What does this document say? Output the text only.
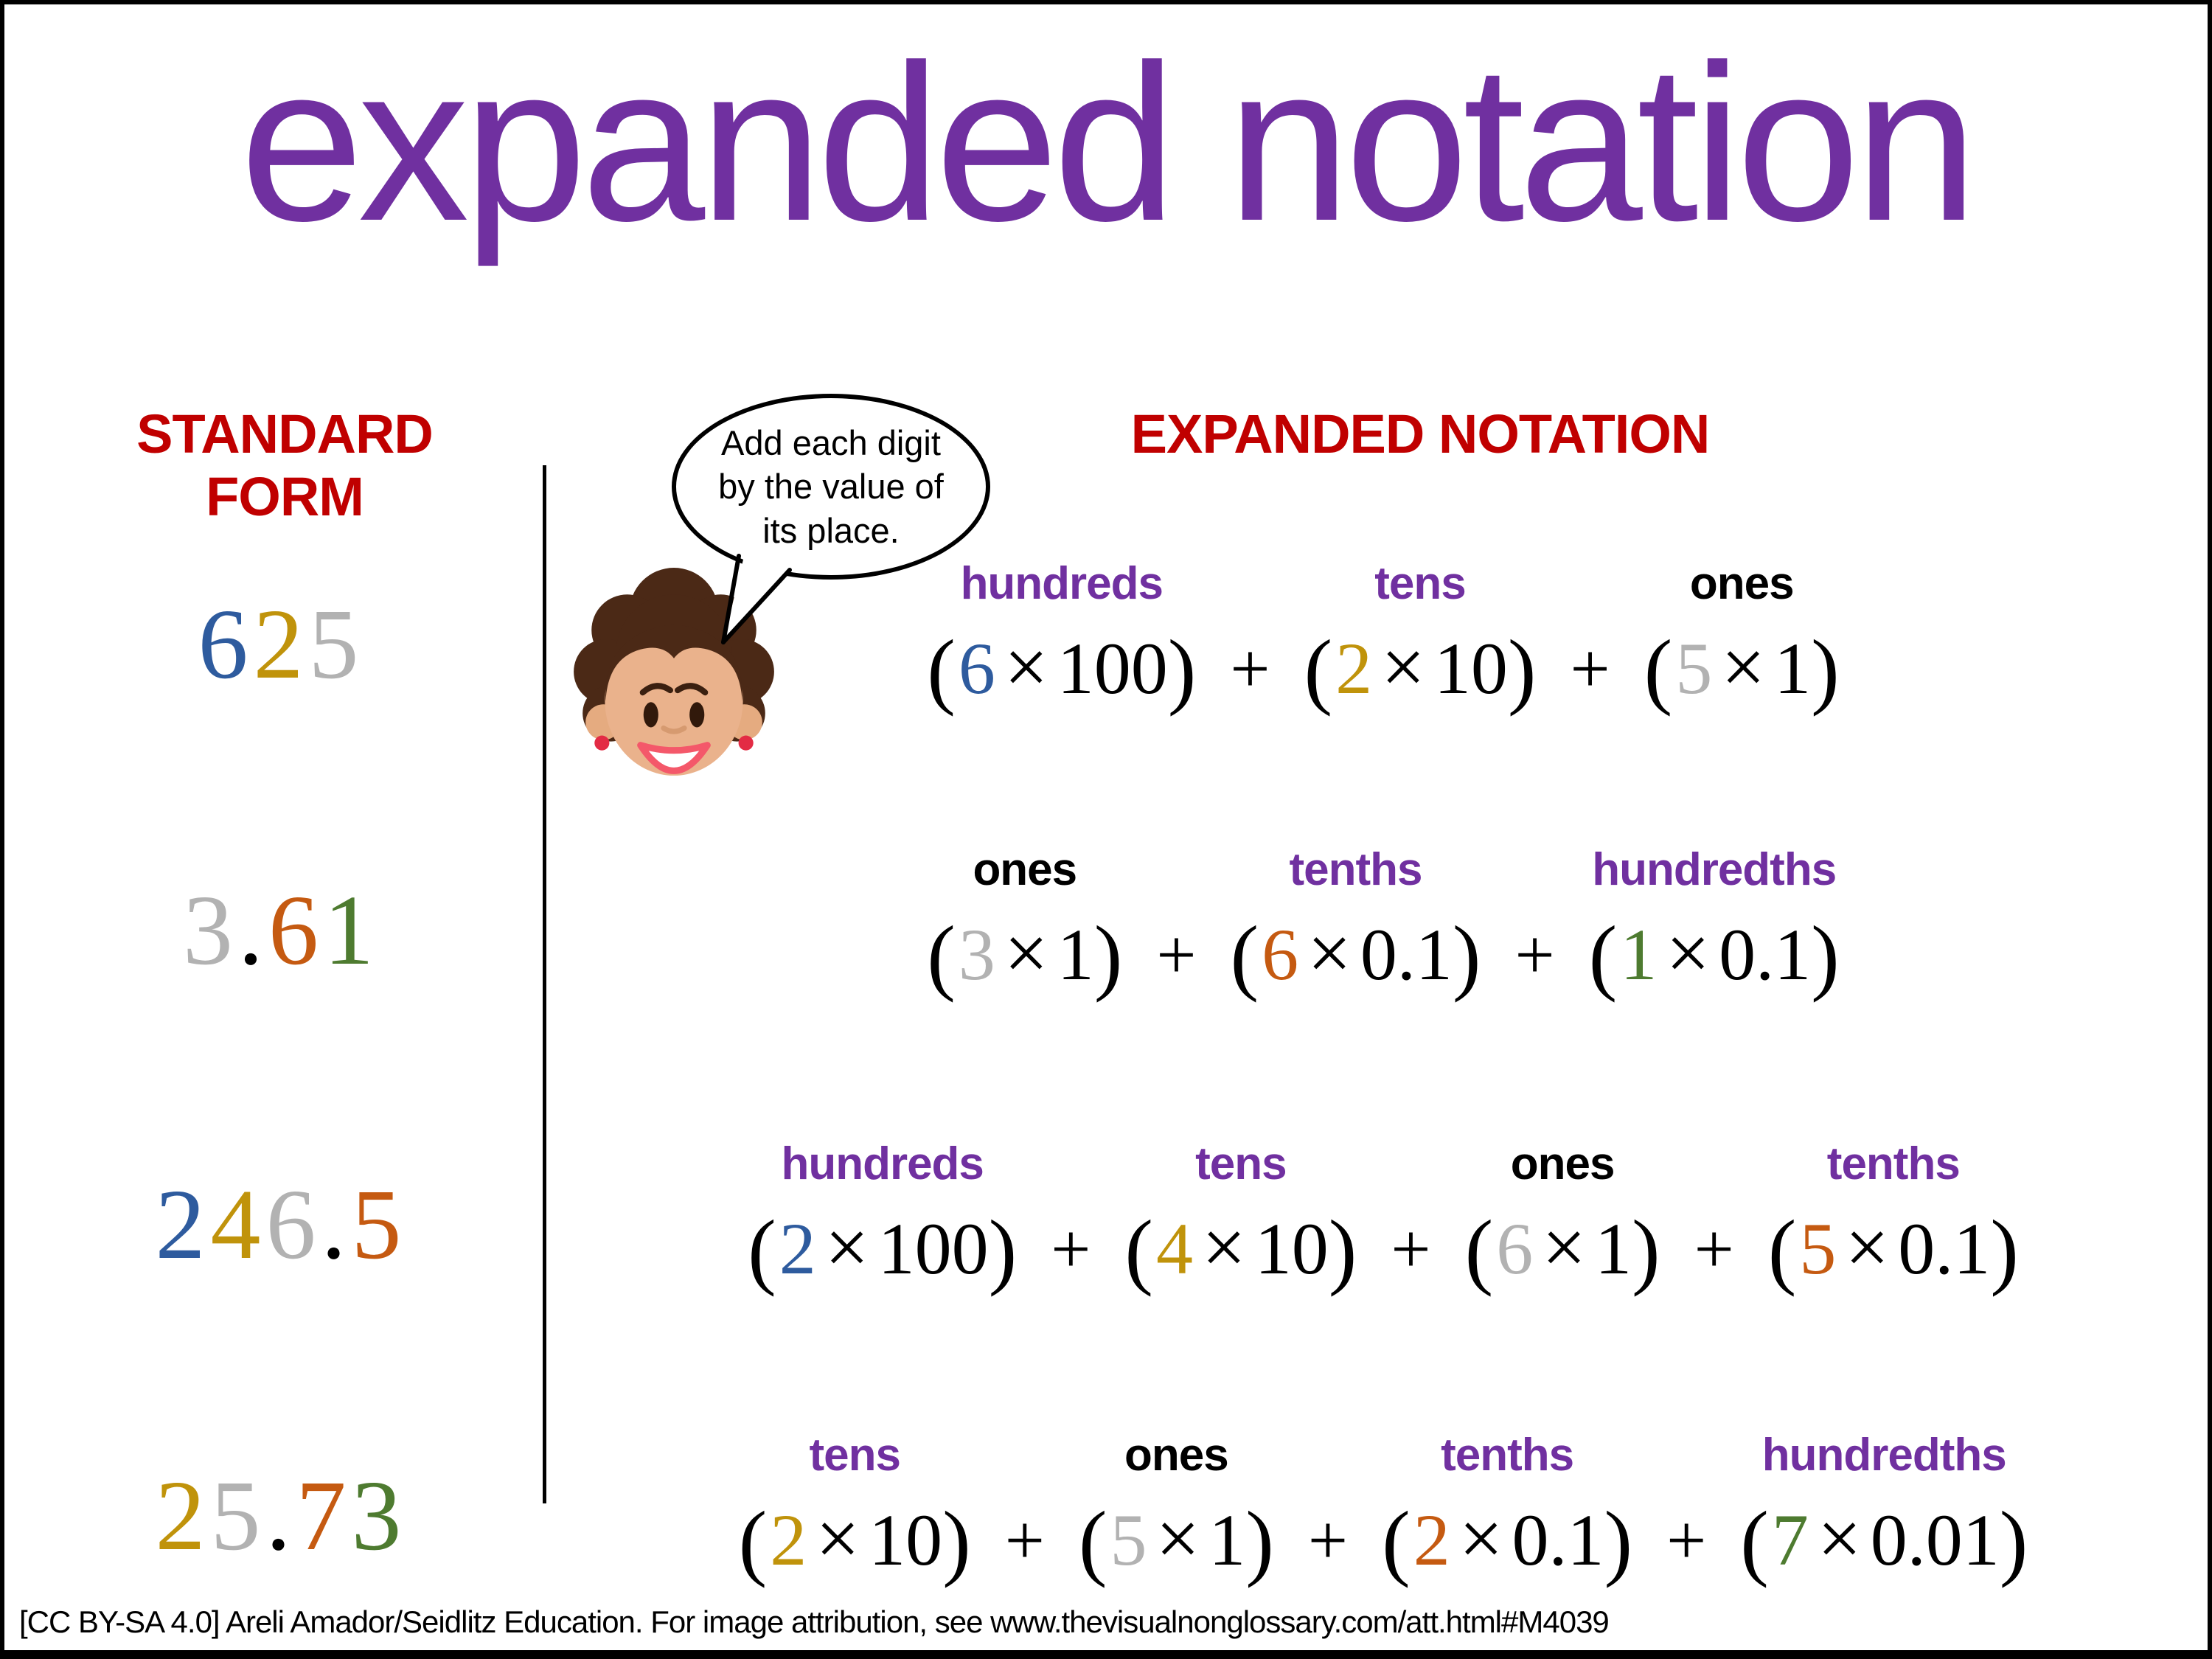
expanded notation
STANDARD FORM
EXPANDED NOTATION
Add each digit
by the value of
its place.
625
3.61
246.5
25.73
hundreds
(6 × 100) +
tens
(2 × 10) +
ones
(5 × 1)
ones
(3 × 1) +
tenths
(6 × 0.1) +
hundredths
(1 × 0.1)
hundreds
(2 × 100) +
tens
(4 × 10) +
ones
(6 × 1) +
tenths
(5 × 0.1)
tens
(2 × 10) +
ones
(5 × 1) +
tenths
(2 × 0.1) +
hundredths
(7 × 0.01)
[CC BY-SA 4.0] Areli Amador/Seidlitz Education. For image attribution, see www.thevisualnonglossary.com/att.html#M4039
